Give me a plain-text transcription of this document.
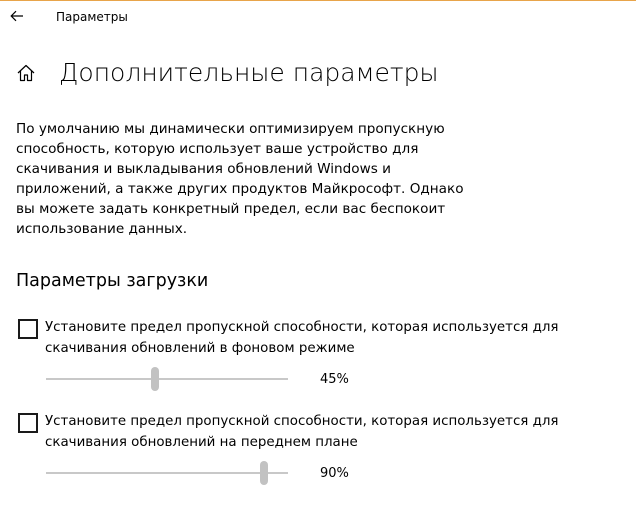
Параметры
Дополнительные параметры

По умолчанию мы динамически оптимизируем пропускную способность, которую использует ваше устройство для скачивания и выкладывания обновлений Windows и приложений, а также других продуктов Майкрософт. Однако вы можете задать конкретный предел, если вас беспокоит использование данных.

Параметры загрузки
Установите предел пропускной способности, которая используется для скачивания обновлений в фоновом режиме
45%
Установите предел пропускной способности, которая используется для скачивания обновлений на переднем плане
90%
